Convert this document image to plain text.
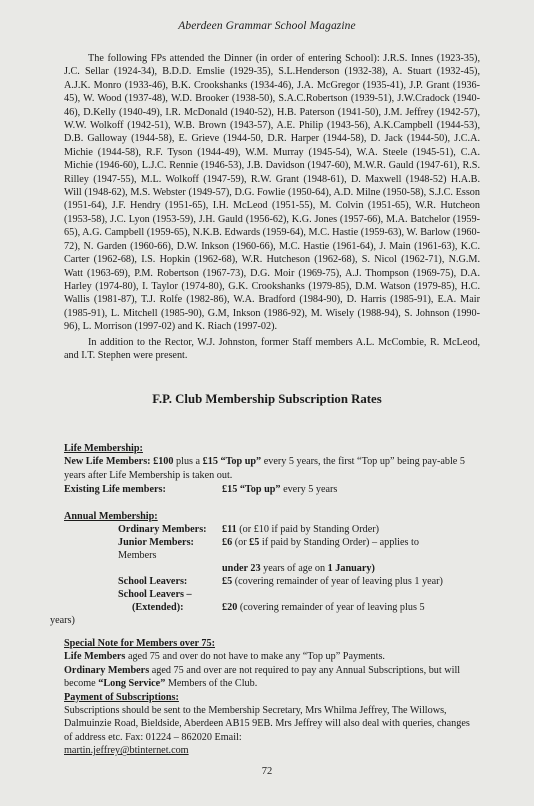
Aberdeen Grammar School Magazine
The following FPs attended the Dinner (in order of entering School): J.R.S. Innes (1923-35), J.C. Sellar (1924-34), B.D.D. Emslie (1929-35), S.L.Henderson (1932-38), A. Stuart (1932-45), A.J.K. Monro (1933-46), B.K. Crookshanks (1934-46), J.A. McGregor (1935-41), J.P. Grant (1936-45), W. Wood (1937-48), W.D. Brooker (1938-50), S.A.C.Robertson (1939-51), J.W.Cradock (1940-46), D.Kelly (1940-49), I.R. McDonald (1940-52), H.B. Paterson (1941-50), J.M. Jeffrey (1942-57), W.W. Wolkoff (1942-51), W.B. Brown (1943-57), A.E. Philip (1943-56), A.K.Campbell (1944-53), D.B. Galloway (1944-58), E. Grieve (1944-50, D.R. Harper (1944-58), D. Jack (1944-50), J.C.A. Michie (1944-58), R.F. Tyson (1944-49), W.M. Murray (1945-54), W.A. Steele (1945-51), C.A. Michie (1946-60), L.J.C. Rennie (1946-53), J.B. Davidson (1947-60), M.W.R. Gauld (1947-61), R.S. Rilley (1947-55), M.L. Wolkoff (1947-59), R.W. Grant (1948-61), D. Maxwell (1948-52) H.A.B. Will (1948-62), M.S. Webster (1949-57), D.G. Fowlie (1950-64), A.D. Milne (1950-58), S.J.C. Esson (1951-64), J.F. Hendry (1951-65), I.H. McLeod (1951-55), M. Colvin (1951-65), W.R. Hutcheon (1953-58), J.C. Lyon (1953-59), J.H. Gauld (1956-62), K.G. Jones (1957-66), M.A. Batchelor (1959-65), A.G. Campbell (1959-65), N.K.B. Edwards (1959-64), M.C. Hastie (1959-63), W. Barlow (1960-72), N. Garden (1960-66), D.W. Inkson (1960-66), M.C. Hastie (1961-64), J. Main (1961-63), K.C. Carter (1962-68), I.S. Hopkin (1962-68), W.R. Hutcheson (1962-68), S. Nicol (1962-71), N.G.M. Watt (1963-69), P.M. Robertson (1967-73), D.G. Moir (1969-75), A.J. Thompson (1969-75), D.A. Harley (1974-80), I. Taylor (1974-80), G.K. Crookshanks (1979-85), D.M. Watson (1979-85), H.C. Wallis (1981-87), T.J. Rolfe (1982-86), W.A. Bradford (1984-90), D. Harris (1985-91), E.A. Mair (1985-91), L. Mitchell (1985-90), G.M, Inkson (1986-92), M. Wisely (1988-94), S. Johnson (1990-96), L. Morrison (1997-02) and K. Riach (1997-02).
In addition to the Rector, W.J. Johnston, former Staff members A.L. McCombie, R. McLeod, and I.T. Stephen were present.
F.P. Club Membership Subscription Rates
Life Membership:
New Life Members: £100 plus a £15 “Top up” every 5 years, the first “Top up” being pay-able 5 years after Life Membership is taken out.
Existing Life members:	£15 “Top up” every 5 years
Annual Membership:
Ordinary Members: £11 (or £10 if paid by Standing Order)
Junior Members:	£6 (or £5 if paid by Standing Order) – applies to
Members
under 23 years of age on 1 January)
School Leavers:	£5 (covering remainder of year of leaving plus 1 year)
School Leavers –
(Extended):	£20 (covering remainder of year of leaving plus 5
years)
Special Note for Members over 75:
Life Members aged 75 and over do not have to make any “Top up” Payments.
Ordinary Members aged 75 and over are not required to pay any Annual Subscriptions, but will become “Long Service” Members of the Club.
Payment of Subscriptions:
Subscriptions should be sent to the Membership Secretary, Mrs Whilma Jeffrey, The Willows, Dalmuinzie Road, Bieldside, Aberdeen AB15 9EB. Mrs Jeffrey will also deal with queries, changes of address etc. Fax: 01224 – 862020 Email:
martin.jeffrey@btinternet.com
72
